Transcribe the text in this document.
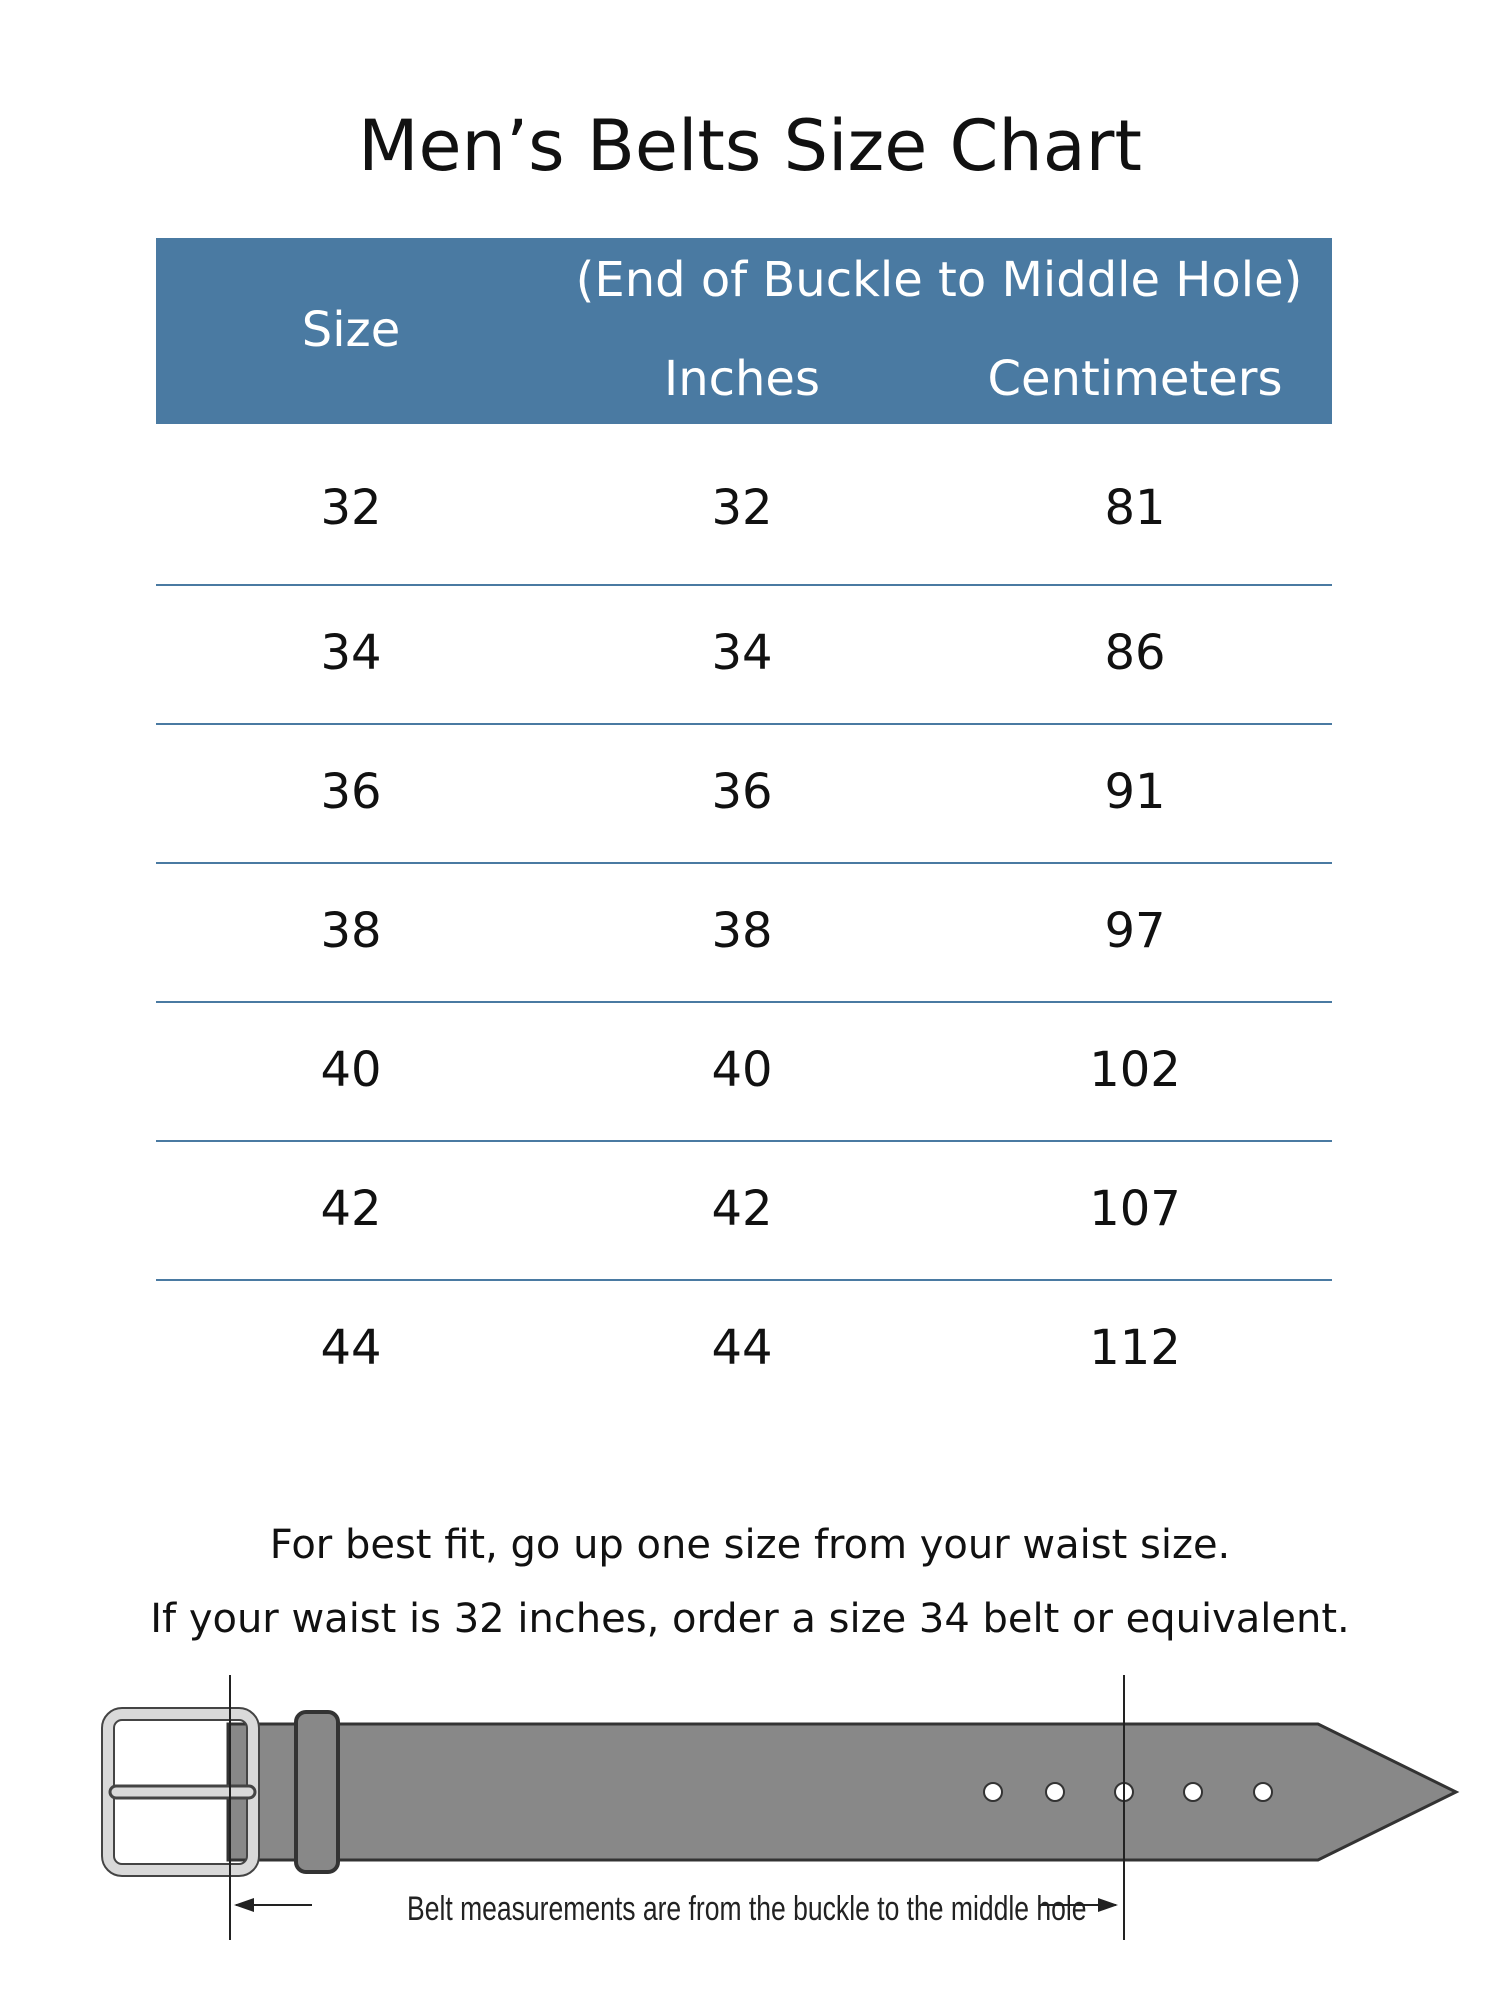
Men’s Belts Size Chart
Size
(End of Buckle to Middle Hole)
Inches	Centimeters
32	32	81
34	34	86
36	36	91
38	38	97
40	40	102
42	42	107
44	44	112

For best fit, go up one size from your waist size.

If your waist is 32 inches, order a size 34 belt or equivalent.

Belt measurements are from the buckle to the middle hole
